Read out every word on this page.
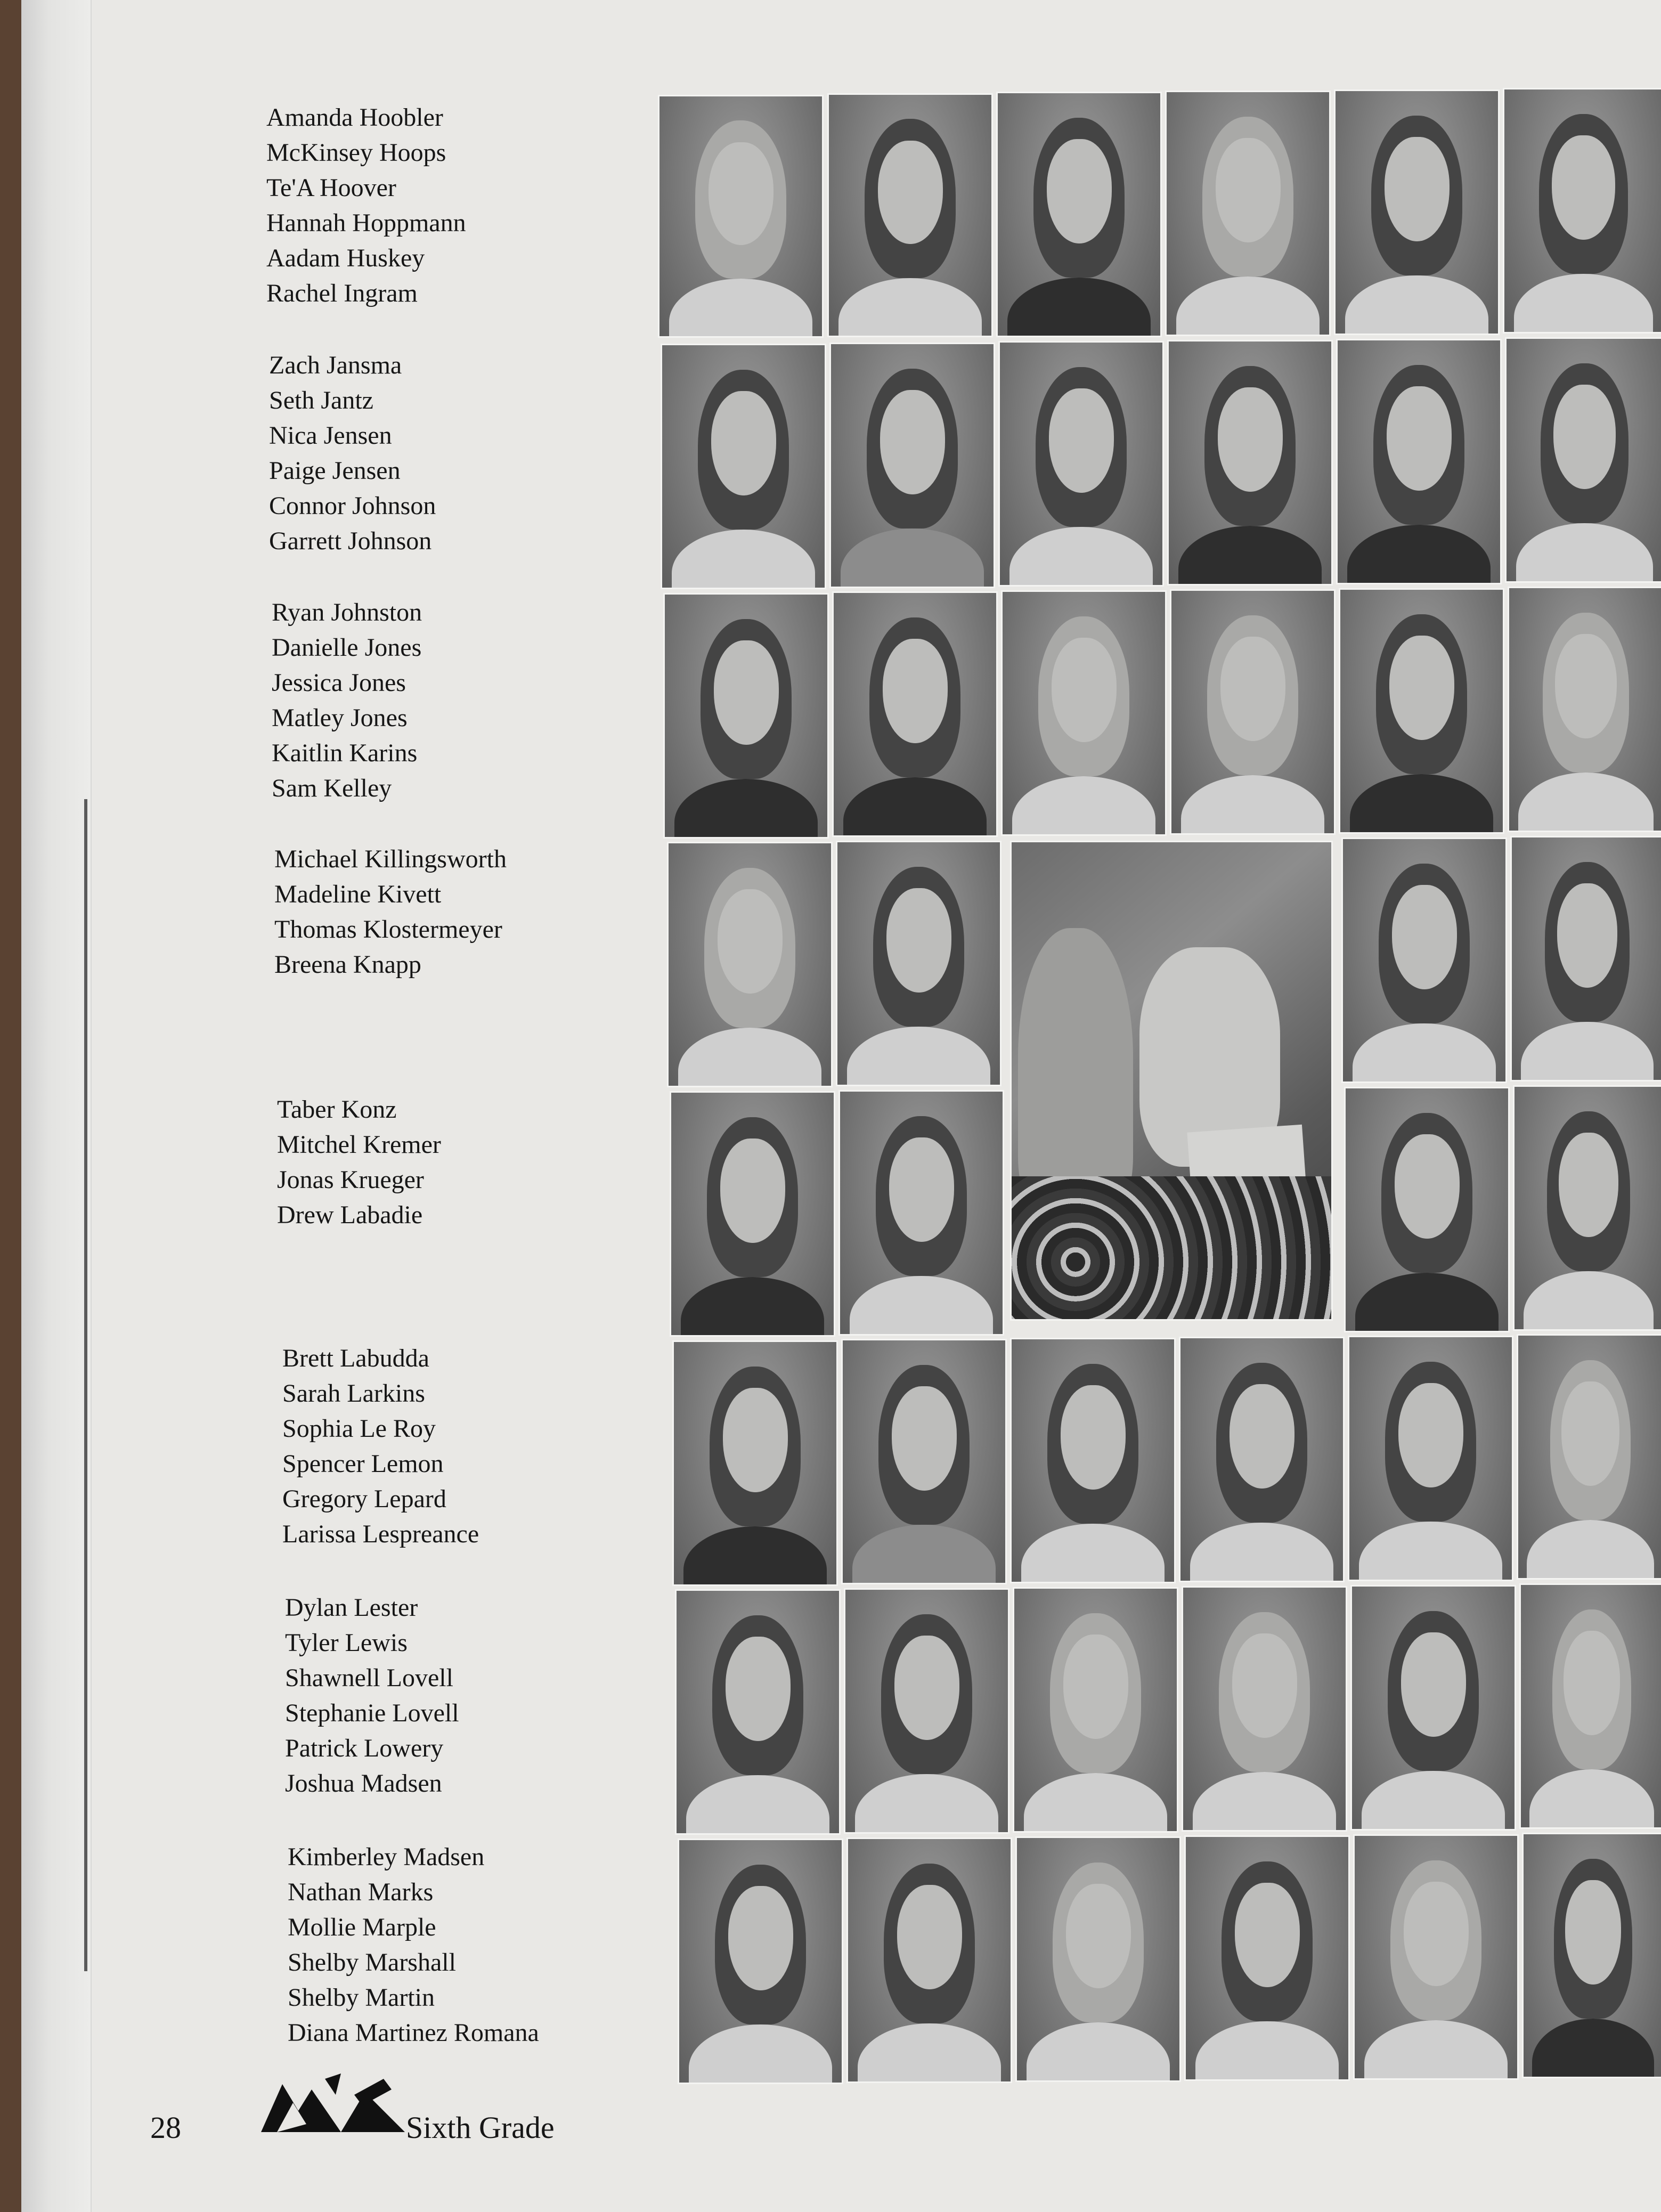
Amanda Hoobler
McKinsey Hoops
Te'A Hoover
Hannah Hoppmann
Aadam Huskey
Rachel Ingram
Zach Jansma
Seth Jantz
Nica Jensen
Paige Jensen
Connor Johnson
Garrett Johnson
Ryan Johnston
Danielle Jones
Jessica Jones
Matley Jones
Kaitlin Karins
Sam Kelley
Michael Killingsworth
Madeline Kivett
Thomas Klostermeyer
Breena Knapp
Taber Konz
Mitchel Kremer
Jonas Krueger
Drew Labadie
Brett Labudda
Sarah Larkins
Sophia Le Roy
Spencer Lemon
Gregory Lepard
Larissa Lespreance
Dylan Lester
Tyler Lewis
Shawnell Lovell
Stephanie Lovell
Patrick Lowery
Joshua Madsen
Kimberley Madsen
Nathan Marks
Mollie Marple
Shelby Marshall
Shelby Martin
Diana Martinez Romana
28	Sixth Grade
